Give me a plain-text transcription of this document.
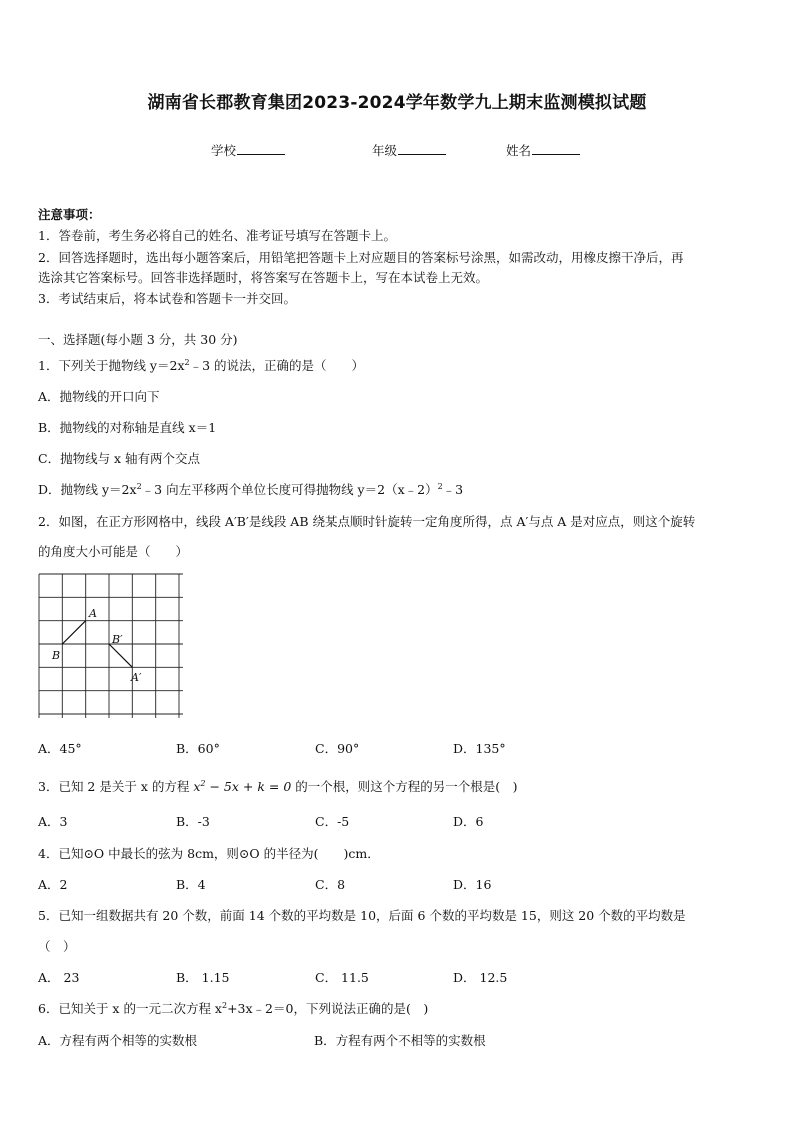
湖南省长郡教育集团2023-2024学年数学九上期末监测模拟试题
学校	年级	姓名
注意事项：
1．答卷前，考生务必将自己的姓名、准考证号填写在答题卡上。
2．回答选择题时，选出每小题答案后，用铅笔把答题卡上对应题目的答案标号涂黑，如需改动，用橡皮擦干净后，再
选涂其它答案标号。回答非选择题时，将答案写在答题卡上，写在本试卷上无效。
3．考试结束后，将本试卷和答题卡一并交回。
一、选择题(每小题 3 分，共 30 分)
1．下列关于抛物线 $y=2x^2﹣3$ 的说法，正确的是（　　）
A．抛物线的开口向下
B．抛物线的对称轴是直线 x＝1
C．抛物线与 x 轴有两个交点
D．抛物线 $y=2x^2﹣3$ 向左平移两个单位长度可得抛物线 y＝2（x﹣2）$^2$﹣3
2．如图，在正方形网格中，线段 A′B′是线段 AB 绕某点顺时针旋转一定角度所得，点 A′与点 A 是对应点，则这个旋转
的角度大小可能是（　　）
A
B
B′
A′
A．45°	B．60°	C．90°	D．135°
3．已知 2 是关于 x 的方程 $x^2 - 5x + k = 0$ 的一个根，则这个方程的另一个根是(　)
A．3	B．-3	C．-5	D．6
4．已知⊙O 中最长的弦为 8cm，则⊙O 的半径为(　　)cm．
A．2	B．4	C．8	D．16
5．已知一组数据共有 20 个数，前面 14 个数的平均数是 10，后面 6 个数的平均数是 15，则这 20 个数的平均数是
（　）
A． 23	B． 1.15	C． 11.5	D． 12.5
6．已知关于 x 的一元二次方程 $x^2+3x﹣2=0$，下列说法正确的是(　)
A．方程有两个相等的实数根	B．方程有两个不相等的实数根
